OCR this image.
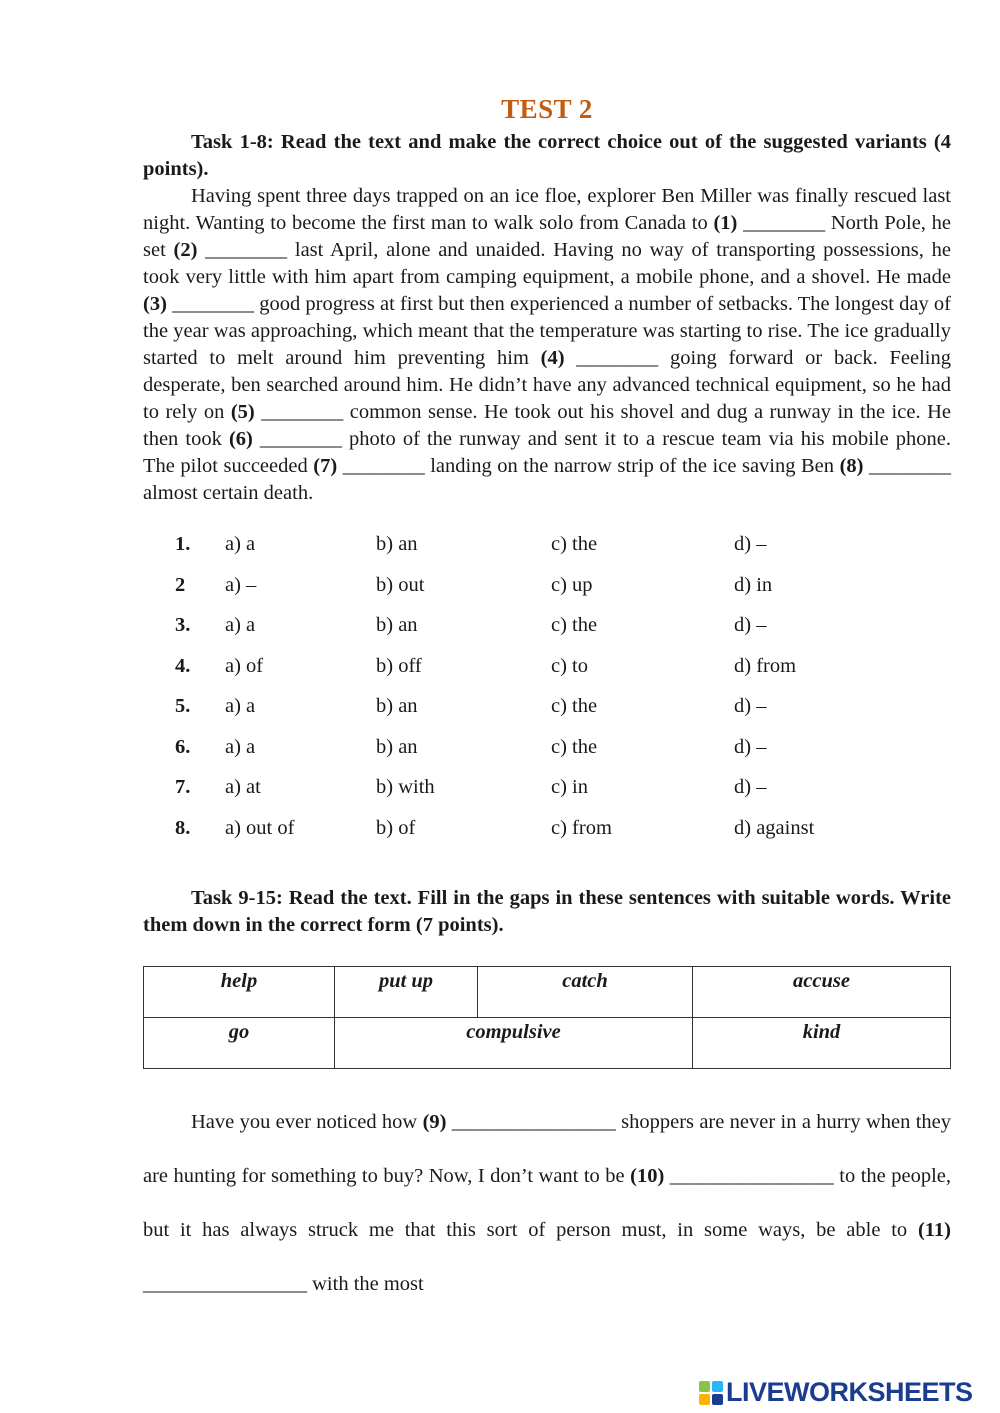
TEST 2

Task 1-8: Read the text and make the correct choice out of the suggested variants (4 points).

Having spent three days trapped on an ice floe, explorer Ben Miller was finally rescued last night. Wanting to become the first man to walk solo from Canada to (1) ________ North Pole, he set (2) ________ last April, alone and unaided. Having no way of transporting possessions, he took very little with him apart from camping equipment, a mobile phone, and a shovel. He made (3) ________ good progress at first but then experienced a number of setbacks. The longest day of the year was approaching, which meant that the temperature was starting to rise. The ice gradually started to melt around him preventing him (4) ________ going forward or back. Feeling desperate, ben searched around him. He didn’t have any advanced technical equipment, so he had to rely on (5) ________ common sense. He took out his shovel and dug a runway in the ice. He then took (6) ________ photo of the runway and sent it to a rescue team via his mobile phone. The pilot succeeded (7) ________ landing on the narrow strip of the ice saving Ben (8) ________ almost certain death.

1.	a) a	b) an	c) the	d) –
2	a) –	b) out	c) up	d) in
3.	a) a	b) an	c) the	d) –
4.	a) of	b) off	c) to	d) from
5.	a) a	b) an	c) the	d) –
6.	a) a	b) an	c) the	d) –
7.	a) at	b) with	c) in	d) –
8.	a) out of	b) of	c) from	d) against

Task 9-15: Read the text. Fill in the gaps in these sentences with suitable words. Write them down in the correct form (7 points).

help	put up	catch	accuse
go	compulsive		kind

Have you ever noticed how (9) ________________ shoppers are never in a hurry when they are hunting for something to buy? Now, I don’t want to be (10) ________________ to the people, but it has always struck me that this sort of person must, in some ways, be able to (11) ________________ with the most

LIVEWORKSHEETS
